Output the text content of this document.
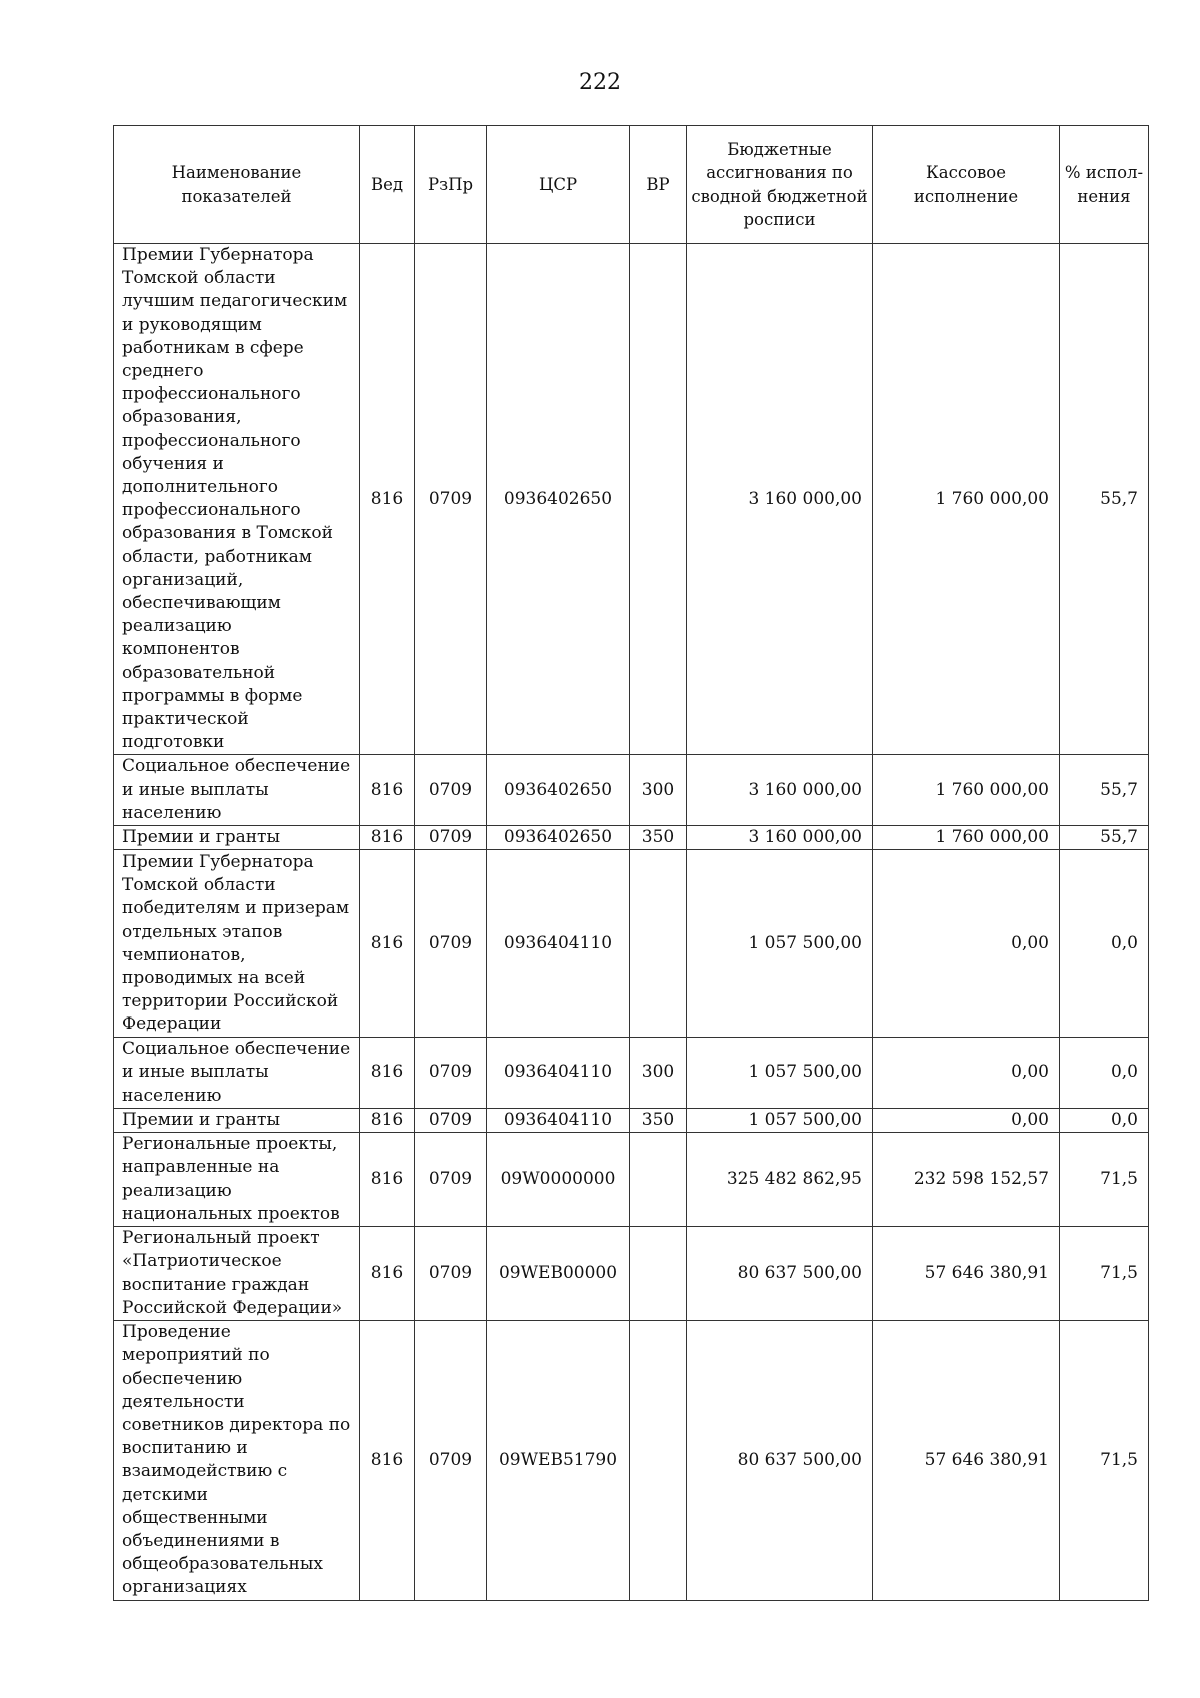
222
Наименование показателей	Вед	РзПр	ЦСР	ВР	Бюджетные ассигнования по сводной бюджетной росписи	Кассовое исполнение	% испол-нения
Премии Губернатора Томской области лучшим педагогическим и руководящим работникам в сфере среднего профессионального образования, профессионального обучения и дополнительного профессионального образования в Томской области, работникам организаций, обеспечивающим реализацию компонентов образовательной программы в форме практической подготовки	816	0709	0936402650		3 160 000,00	1 760 000,00	55,7
Социальное обеспечение и иные выплаты населению	816	0709	0936402650	300	3 160 000,00	1 760 000,00	55,7
Премии и гранты	816	0709	0936402650	350	3 160 000,00	1 760 000,00	55,7
Премии Губернатора Томской области победителям и призерам отдельных этапов чемпионатов, проводимых на всей территории Российской Федерации	816	0709	0936404110		1 057 500,00	0,00	0,0
Социальное обеспечение и иные выплаты населению	816	0709	0936404110	300	1 057 500,00	0,00	0,0
Премии и гранты	816	0709	0936404110	350	1 057 500,00	0,00	0,0
Региональные проекты, направленные на реализацию национальных проектов	816	0709	09W0000000		325 482 862,95	232 598 152,57	71,5
Региональный проект «Патриотическое воспитание граждан Российской Федерации»	816	0709	09WEB00000		80 637 500,00	57 646 380,91	71,5
Проведение мероприятий по обеспечению деятельности советников директора по воспитанию и взаимодействию с детскими общественными объединениями в общеобразовательных организациях	816	0709	09WEB51790		80 637 500,00	57 646 380,91	71,5
